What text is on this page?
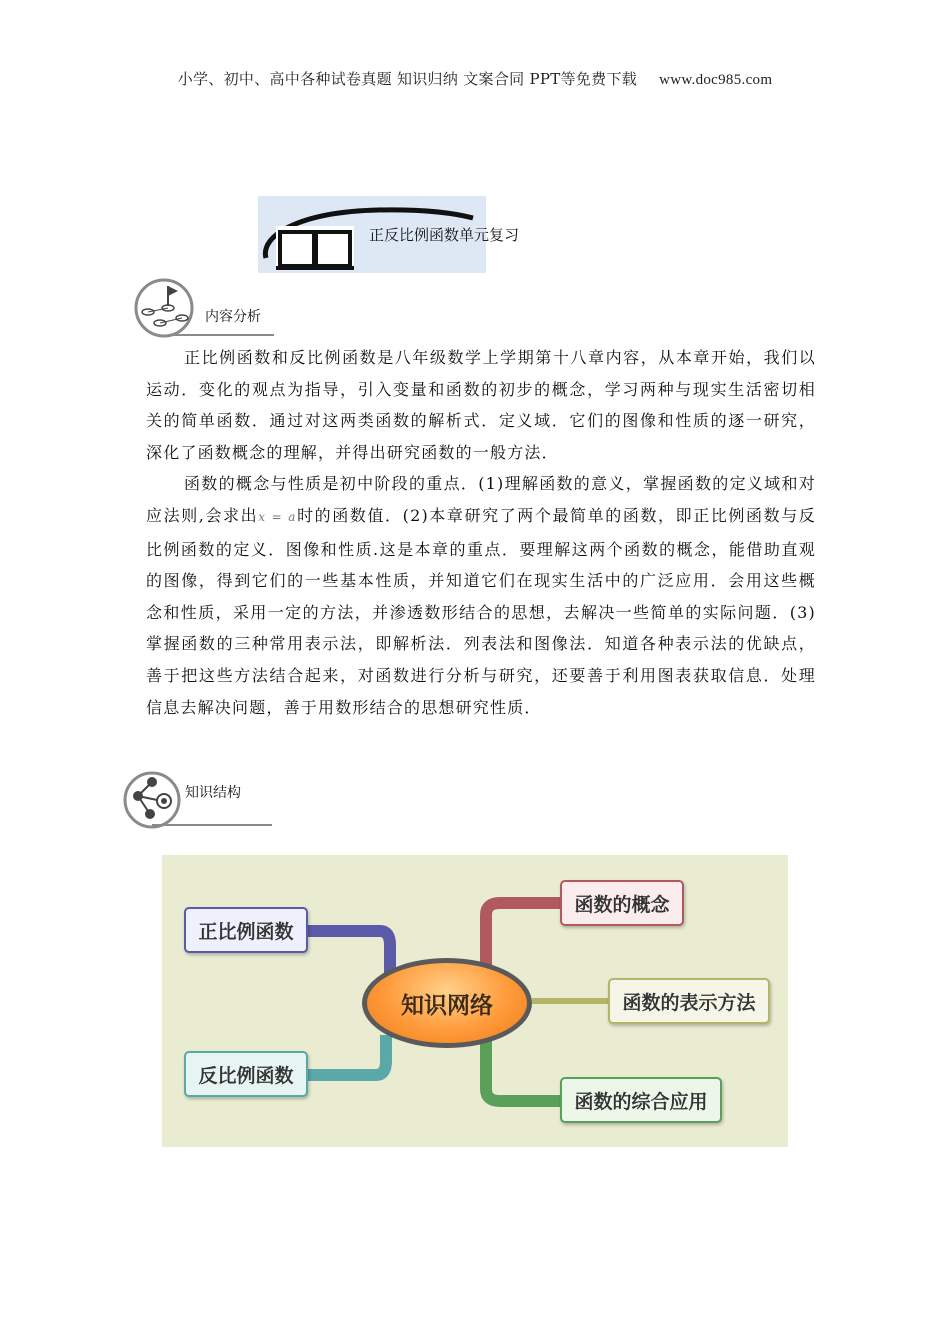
小学、初中、高中各种试卷真题 知识归纳 文案合同 PPT等免费下载 www.doc985.com
正反比例函数单元复习
内容分析

正比例函数和反比例函数是八年级数学上学期第十八章内容，从本章开始，我们以运动．变化的观点为指导，引入变量和函数的初步的概念，学习两种与现实生活密切相关的简单函数．通过对这两类函数的解析式．定义域．它们的图像和性质的逐一研究，深化了函数概念的理解，并得出研究函数的一般方法．

函数的概念与性质是初中阶段的重点．(1)理解函数的意义，掌握函数的定义域和对应法则,会求出x = a时的函数值．(2)本章研究了两个最简单的函数，即正比例函数与反比例函数的定义．图像和性质.这是本章的重点．要理解这两个函数的概念，能借助直观的图像，得到它们的一些基本性质，并知道它们在现实生活中的广泛应用．会用这些概念和性质，采用一定的方法，并渗透数形结合的思想，去解决一些简单的实际问题．(3)掌握函数的三种常用表示法，即解析法．列表法和图像法．知道各种表示法的优缺点，善于把这些方法结合起来，对函数进行分析与研究，还要善于利用图表获取信息．处理信息去解决问题，善于用数形结合的思想研究性质．

知识结构
正比例函数
反比例函数
知识网络
函数的概念
函数的表示方法
函数的综合应用
